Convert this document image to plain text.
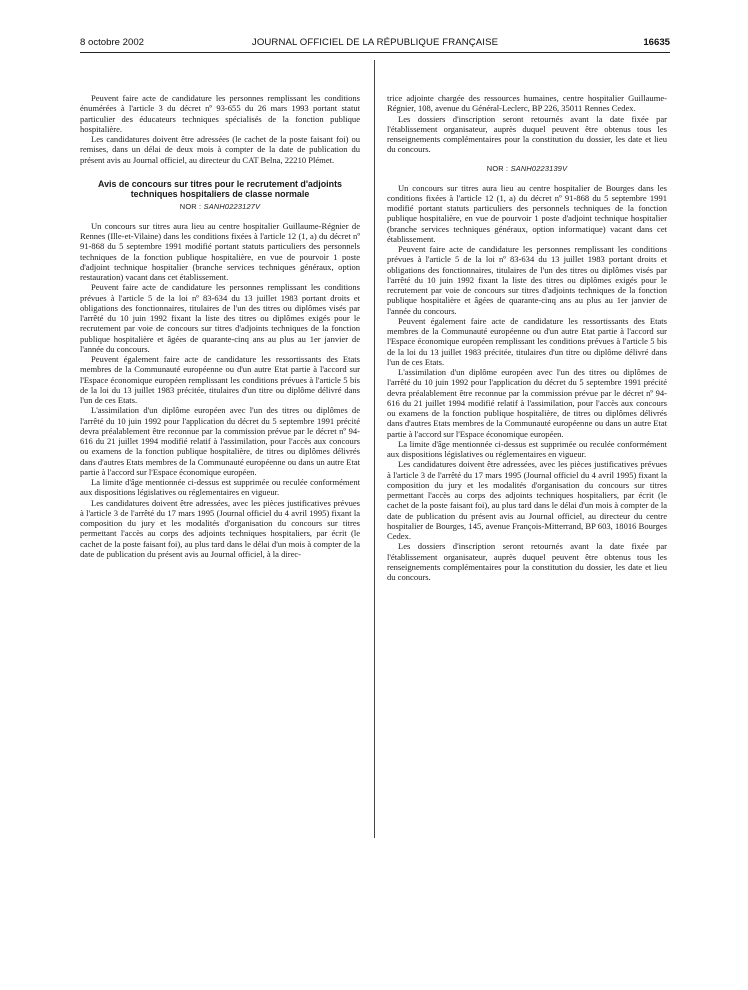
8 octobre 2002	JOURNAL OFFICIEL DE LA RÉPUBLIQUE FRANÇAISE	16635

Peuvent faire acte de candidature les personnes remplissant les conditions énumérées à l'article 3 du décret nº 93-655 du 26 mars 1993 portant statut particulier des éducateurs techniques spécialisés de la fonction publique hospitalière.

Les candidatures doivent être adressées (le cachet de la poste faisant foi) ou remises, dans un délai de deux mois à compter de la date de publication du présent avis au Journal officiel, au directeur du CAT Belna, 22210 Plémet.

Avis de concours sur titres pour le recrutement d'adjoints techniques hospitaliers de classe normale
NOR : SANH0223127V

Un concours sur titres aura lieu au centre hospitalier Guillaume-Régnier de Rennes (Ille-et-Vilaine) dans les conditions fixées à l'article 12 (1, a) du décret nº 91-868 du 5 septembre 1991 modifié portant statuts particuliers des personnels techniques de la fonction publique hospitalière, en vue de pourvoir 1 poste d'adjoint technique hospitalier (branche services techniques généraux, option restauration) vacant dans cet établissement.

Peuvent faire acte de candidature les personnes remplissant les conditions prévues à l'article 5 de la loi nº 83-634 du 13 juillet 1983 portant droits et obligations des fonctionnaires, titulaires de l'un des titres ou diplômes visés par l'arrêté du 10 juin 1992 fixant la liste des titres ou diplômes exigés pour le recrutement par voie de concours sur titres d'adjoints techniques de la fonction publique hospitalière et âgées de quarante-cinq ans au plus au 1er janvier de l'année du concours.

Peuvent également faire acte de candidature les ressortissants des Etats membres de la Communauté européenne ou d'un autre Etat partie à l'accord sur l'Espace économique européen remplissant les conditions prévues à l'article 5 bis de la loi du 13 juillet 1983 précitée, titulaires d'un titre ou diplôme délivré dans l'un de ces Etats.

L'assimilation d'un diplôme européen avec l'un des titres ou diplômes de l'arrêté du 10 juin 1992 pour l'application du décret du 5 septembre 1991 précité devra préalablement être reconnue par la commission prévue par le décret nº 94-616 du 21 juillet 1994 modifié relatif à l'assimilation, pour l'accès aux concours ou examens de la fonction publique hospitalière, de titres ou diplômes délivrés dans d'autres Etats membres de la Communauté européenne ou dans un autre Etat partie à l'accord sur l'Espace économique européen.

La limite d'âge mentionnée ci-dessus est supprimée ou reculée conformément aux dispositions législatives ou réglementaires en vigueur.

Les candidatures doivent être adressées, avec les pièces justificatives prévues à l'article 3 de l'arrêté du 17 mars 1995 (Journal officiel du 4 avril 1995) fixant la composition du jury et les modalités d'organisation du concours sur titres permettant l'accès au corps des adjoints techniques hospitaliers, par écrit (le cachet de la poste faisant foi), au plus tard dans le délai d'un mois à compter de la date de publication du présent avis au Journal officiel, à la direc-

trice adjointe chargée des ressources humaines, centre hospitalier Guillaume-Régnier, 108, avenue du Général-Leclerc, BP 226, 35011 Rennes Cedex.

Les dossiers d'inscription seront retournés avant la date fixée par l'établissement organisateur, auprès duquel peuvent être obtenus tous les renseignements complémentaires pour la constitution du dossier, les date et lieu du concours.

NOR : SANH0223139V

Un concours sur titres aura lieu au centre hospitalier de Bourges dans les conditions fixées à l'article 12 (1, a) du décret nº 91-868 du 5 septembre 1991 modifié portant statuts particuliers des personnels techniques de la fonction publique hospitalière, en vue de pourvoir 1 poste d'adjoint technique hospitalier (branche services techniques généraux, option informatique) vacant dans cet établissement.

Peuvent faire acte de candidature les personnes remplissant les conditions prévues à l'article 5 de la loi nº 83-634 du 13 juillet 1983 portant droits et obligations des fonctionnaires, titulaires de l'un des titres ou diplômes visés par l'arrêté du 10 juin 1992 fixant la liste des titres ou diplômes exigés pour le recrutement par voie de concours sur titres d'adjoints techniques de la fonction publique hospitalière et âgées de quarante-cinq ans au plus au 1er janvier de l'année du concours.

Peuvent également faire acte de candidature les ressortissants des Etats membres de la Communauté européenne ou d'un autre Etat partie à l'accord sur l'Espace économique européen remplissant les conditions prévues à l'article 5 bis de la loi du 13 juillet 1983 précitée, titulaires d'un titre ou diplôme délivré dans l'un de ces Etats.

L'assimilation d'un diplôme européen avec l'un des titres ou diplômes de l'arrêté du 10 juin 1992 pour l'application du décret du 5 septembre 1991 précité devra préalablement être reconnue par la commission prévue par le décret nº 94-616 du 21 juillet 1994 modifié relatif à l'assimilation, pour l'accès aux concours ou examens de la fonction publique hospitalière, de titres ou diplômes délivrés dans d'autres Etats membres de la Communauté européenne ou dans un autre Etat partie à l'accord sur l'Espace économique européen.

La limite d'âge mentionnée ci-dessus est supprimée ou reculée conformément aux dispositions législatives ou réglementaires en vigueur.

Les candidatures doivent être adressées, avec les pièces justificatives prévues à l'article 3 de l'arrêté du 17 mars 1995 (Journal officiel du 4 avril 1995) fixant la composition du jury et les modalités d'organisation du concours sur titres permettant l'accès au corps des adjoints techniques hospitaliers, par écrit (le cachet de la poste faisant foi), au plus tard dans le délai d'un mois à compter de la date de publication du présent avis au Journal officiel, au directeur du centre hospitalier de Bourges, 145, avenue François-Mitterrand, BP 603, 18016 Bourges Cedex.

Les dossiers d'inscription seront retournés avant la date fixée par l'établissement organisateur, auprès duquel peuvent être obtenus tous les renseignements complémentaires pour la constitution du dossier, les date et lieu du concours.
